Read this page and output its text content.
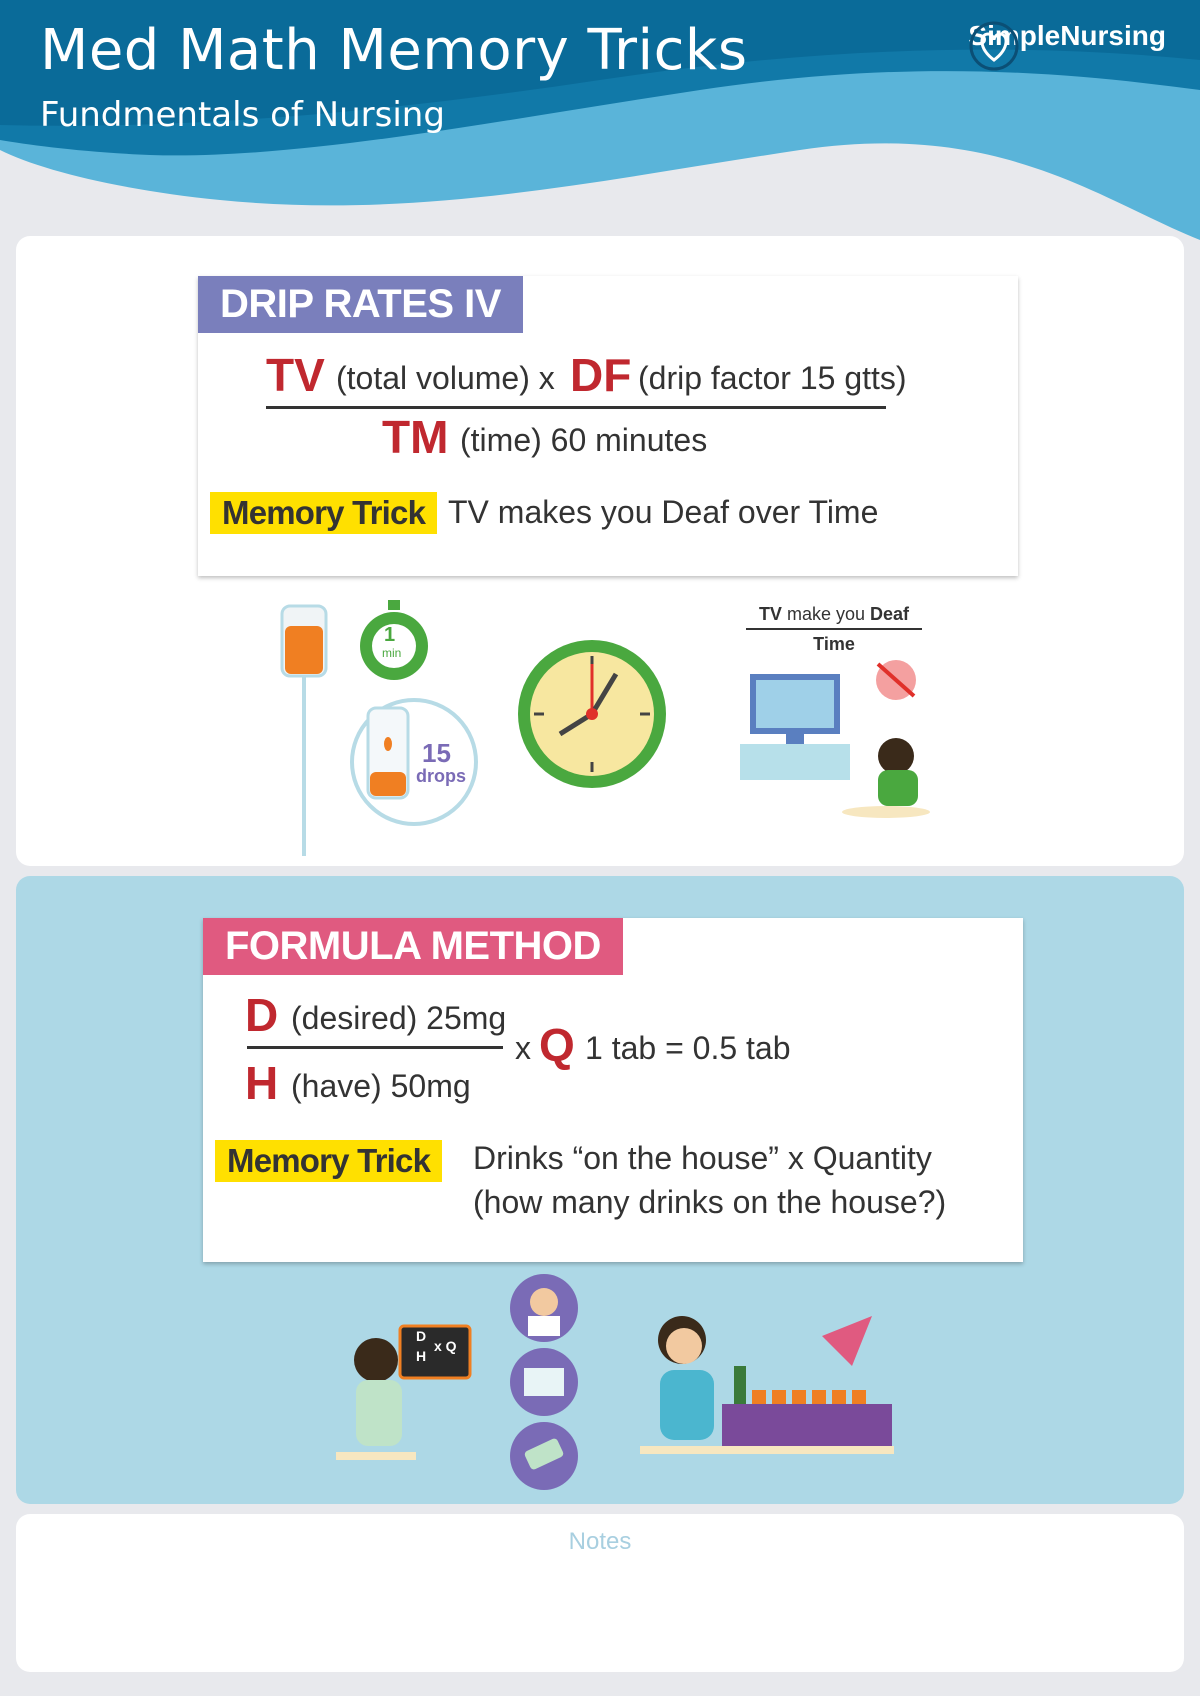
Med Math Memory Tricks
Fundmentals of Nursing
SimpleNursing
DRIP RATES IV
TV (total volume) x DF (drip factor 15 gtts)
TM (time) 60 minutes
Memory Trick TV makes you Deaf over Time
1
min
15
drops
TV make you Deaf
Time
FORMULA METHOD
D (desired) 25mg
H (have) 50mg
x Q 1 tab = 0.5 tab
Memory Trick	Drinks “on the house” x Quantity
(how many drinks on the house?)
D
H
x Q
Notes
